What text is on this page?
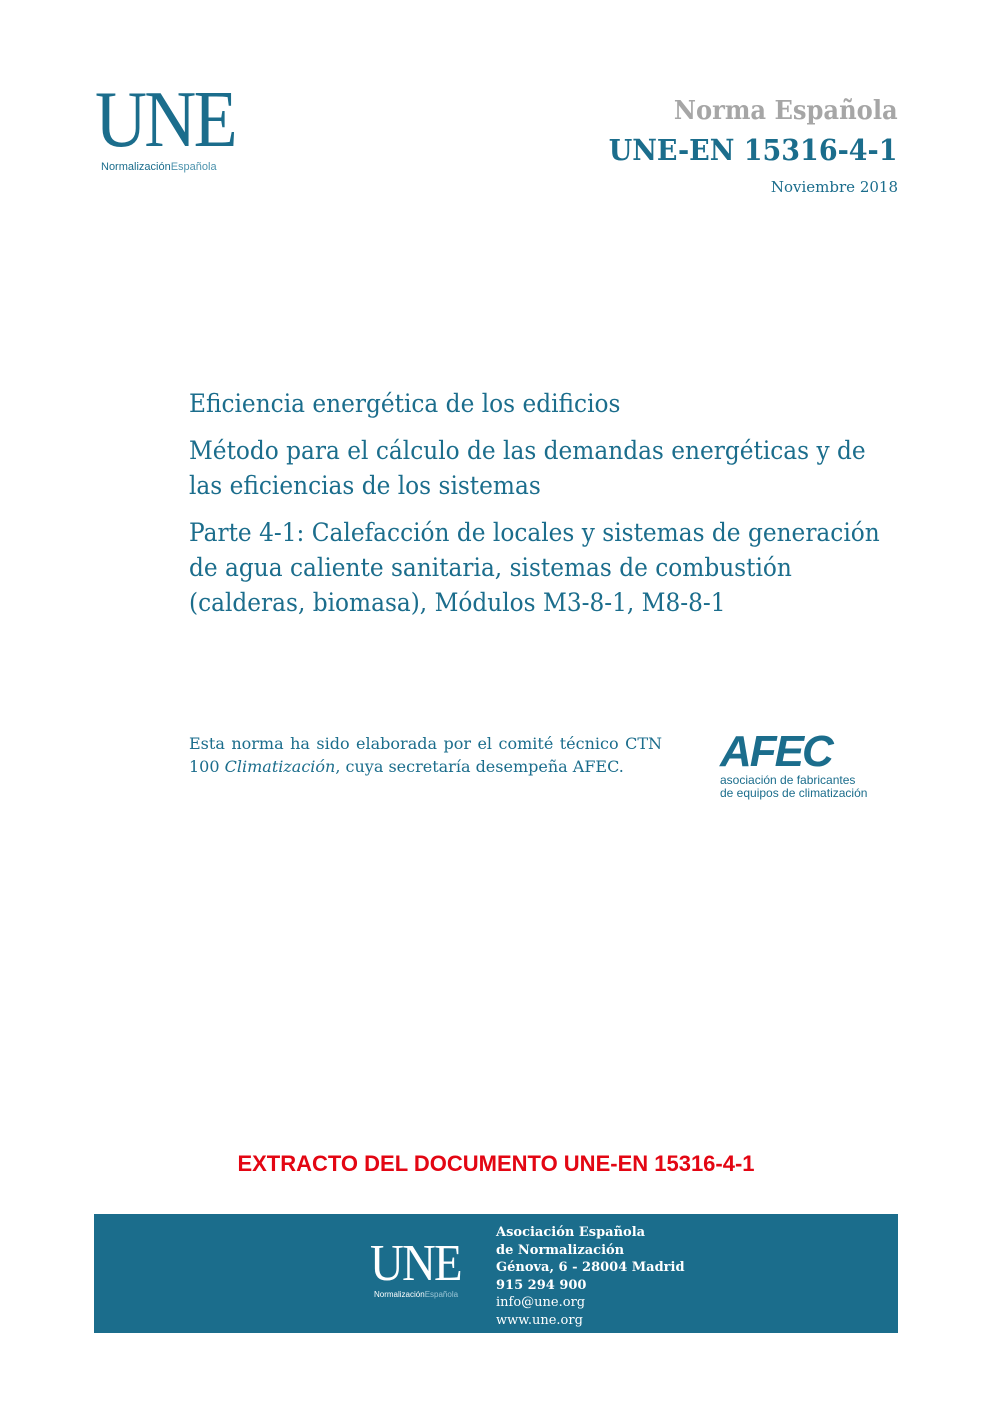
UNE
NormalizaciónEspañola
Norma Española
UNE-EN 15316-4-1
Noviembre 2018

Eficiencia energética de los edificios

Método para el cálculo de las demandas energéticas y de las eficiencias de los sistemas

Parte 4-1: Calefacción de locales y sistemas de generación de agua caliente sanitaria, sistemas de combustión (calderas, biomasa), Módulos M3-8-1, M8-8-1

Esta norma ha sido elaborada por el comité técnico CTN 100 Climatización, cuya secretaría desempeña AFEC.	AFEC
asociación de fabricantes
de equipos de climatización
EXTRACTO DEL DOCUMENTO UNE-EN 15316-4-1
UNE
NormalizaciónEspañola
Asociación Española
de Normalización
Génova, 6 - 28004 Madrid
915 294 900
info@une.org
www.une.org
